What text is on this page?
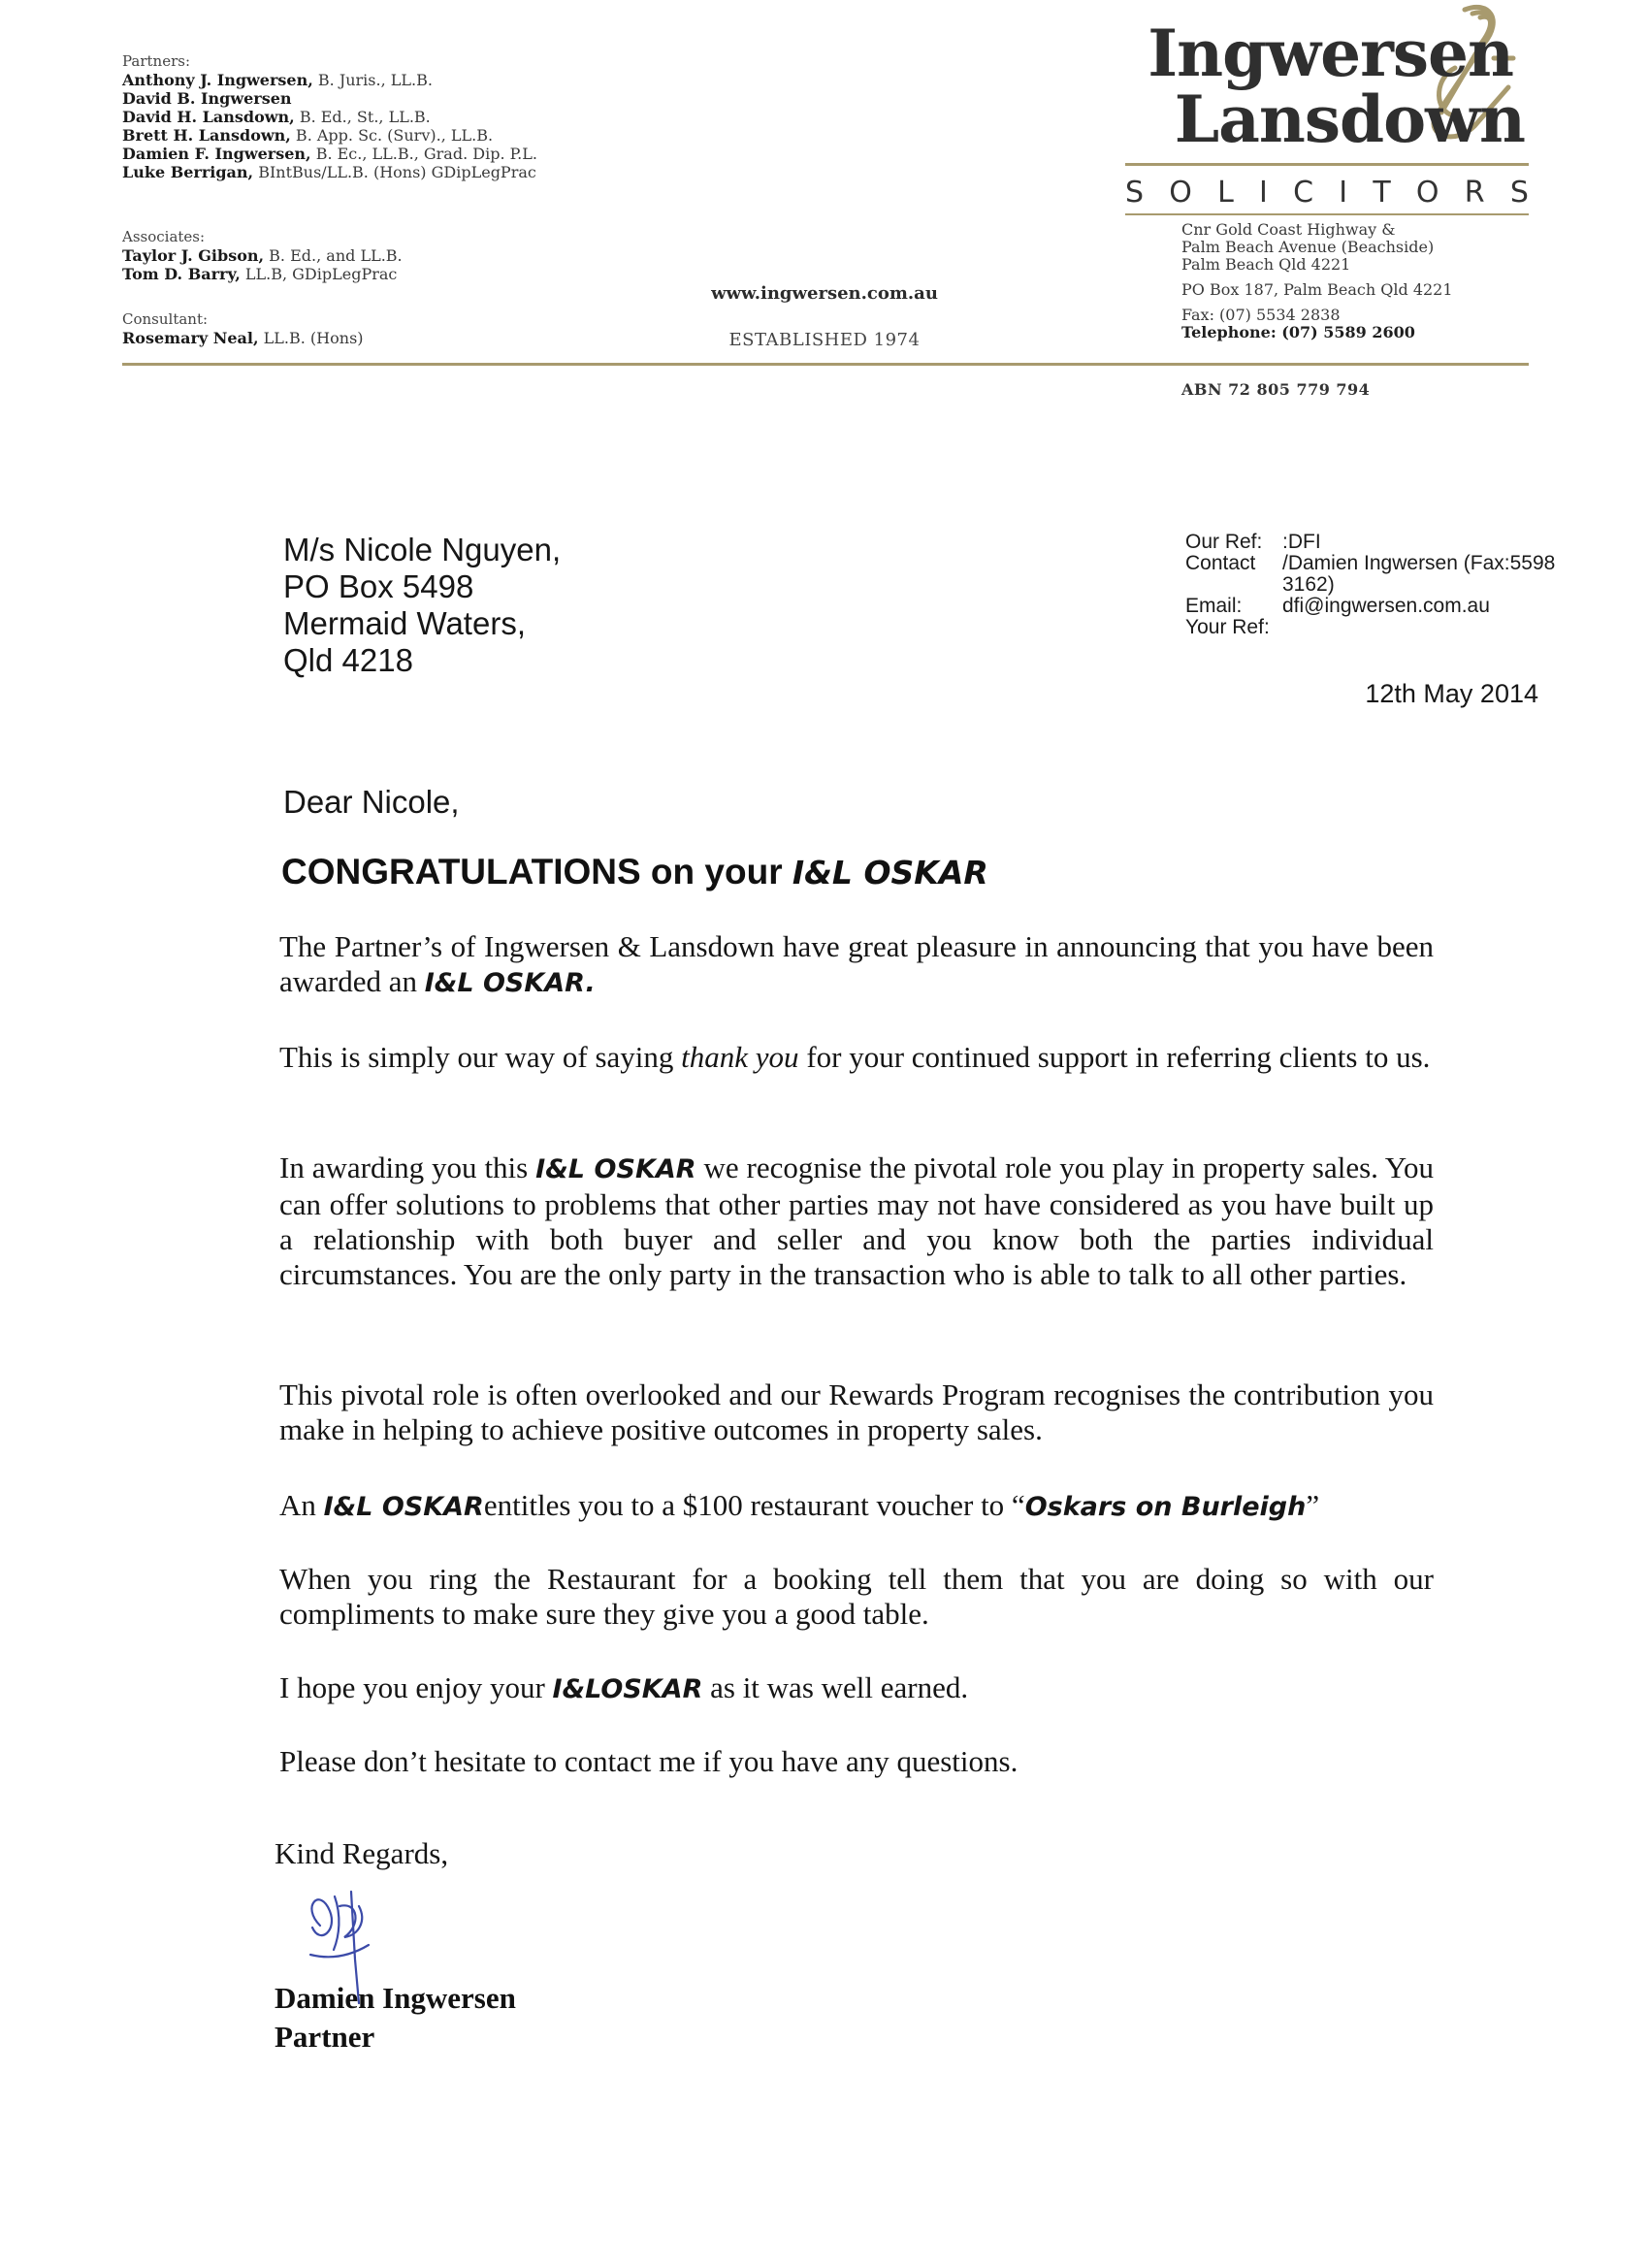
Partners:
Anthony J. Ingwersen, B. Juris., LL.B.
David B. Ingwersen
David H. Lansdown, B. Ed., St., LL.B.
Brett H. Lansdown, B. App. Sc. (Surv)., LL.B.
Damien F. Ingwersen, B. Ec., LL.B., Grad. Dip. P.L.
Luke Berrigan, BIntBus/LL.B. (Hons) GDipLegPrac
Associates:
Taylor J. Gibson, B. Ed., and LL.B.
Tom D. Barry, LL.B, GDipLegPrac
Consultant:
Rosemary Neal, LL.B. (Hons)
www.ingwersen.com.au
ESTABLISHED 1974
Ingwersen
Lansdown
S O L I C I T O R S
Cnr Gold Coast Highway &
Palm Beach Avenue (Beachside)
Palm Beach Qld 4221
PO Box 187, Palm Beach Qld 4221
Fax: (07) 5534 2838
Telephone: (07) 5589 2600
ABN 72 805 779 794
M/s Nicole Nguyen,
PO Box 5498
Mermaid Waters,
Qld 4218
Our Ref: :DFI
Contact	/Damien Ingwersen (Fax:5598
3162)
Email:	dfi@ingwersen.com.au
Your Ref:
12th May 2014
Dear Nicole,
CONGRATULATIONS on your I&L OSKAR
The Partner’s of Ingwersen & Lansdown have great pleasure in announcing that you have been awarded an I&L OSKAR.
This is simply our way of saying thank you for your continued support in referring clients to us.
In awarding you this I&L OSKAR we recognise the pivotal role you play in property sales. You can offer solutions to problems that other parties may not have considered as you have built up a relationship with both buyer and seller and you know both the parties individual circumstances. You are the only party in the transaction who is able to talk to all other parties.
This pivotal role is often overlooked and our Rewards Program recognises the contribution you make in helping to achieve positive outcomes in property sales.
An I&L OSKARentitles you to a $100 restaurant voucher to “Oskars on Burleigh”
When you ring the Restaurant for a booking tell them that you are doing so with our compliments to make sure they give you a good table.
I hope you enjoy your I&LOSKAR as it was well earned.
Please don’t hesitate to contact me if you have any questions.
Kind Regards,
Damien Ingwersen
Partner
